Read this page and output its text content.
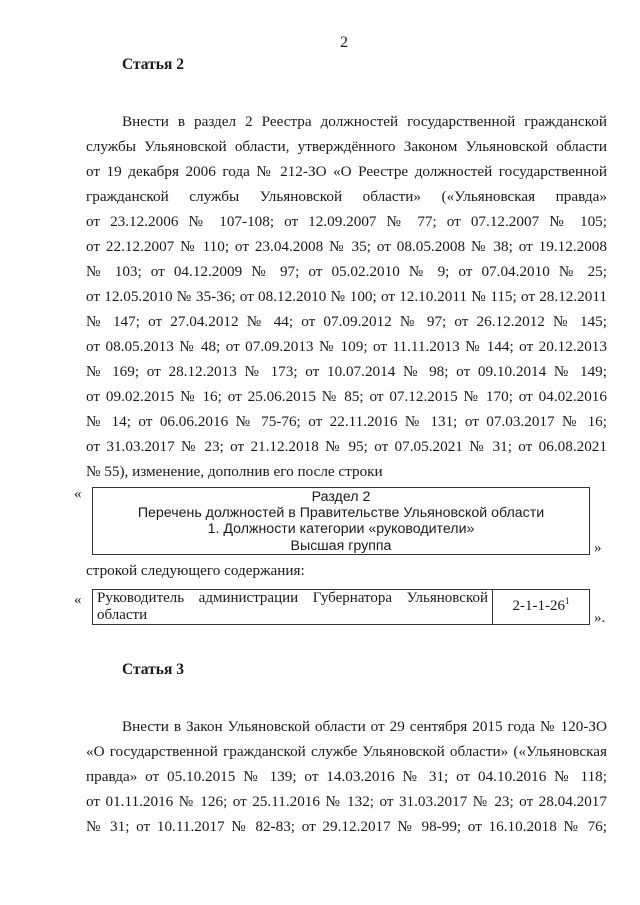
2
Статья 2
Внести в раздел 2 Реестра должностей государственной гражданской
службы Ульяновской области, утверждённого Законом Ульяновской области
от 19 декабря 2006 года № 212-ЗО «О Реестре должностей государственной
гражданской службы Ульяновской области» («Ульяновская правда»
от 23.12.2006 № 107-108; от 12.09.2007 № 77; от 07.12.2007 № 105;
от 22.12.2007 № 110; от 23.04.2008 № 35; от 08.05.2008 № 38; от 19.12.2008
№ 103; от 04.12.2009 № 97; от 05.02.2010 № 9; от 07.04.2010 № 25;
от 12.05.2010 № 35-36; от 08.12.2010 № 100; от 12.10.2011 № 115; от 28.12.2011
№ 147; от 27.04.2012 № 44; от 07.09.2012 № 97; от 26.12.2012 № 145;
от 08.05.2013 № 48; от 07.09.2013 № 109; от 11.11.2013 № 144; от 20.12.2013
№ 169; от 28.12.2013 № 173; от 10.07.2014 № 98; от 09.10.2014 № 149;
от 09.02.2015 № 16; от 25.06.2015 № 85; от 07.12.2015 № 170; от 04.02.2016
№ 14; от 06.06.2016 № 75-76; от 22.11.2016 № 131; от 07.03.2017 № 16;
от 31.03.2017 № 23; от 21.12.2018 № 95; от 07.05.2021 № 31; от 06.08.2021
№ 55), изменение, дополнив его после строки
«	Раздел 2
Перечень должностей в Правительстве Ульяновской области
1. Должности категории «руководители»
Высшая группа	»
строкой следующего содержания:
« Руководитель администрации Губернатора Ульяновской
области
$2-1-1-26^1$
».
Статья 3
Внести в Закон Ульяновской области от 29 сентября 2015 года № 120-ЗО
«О государственной гражданской службе Ульяновской области» («Ульяновская
правда» от 05.10.2015 № 139; от 14.03.2016 № 31; от 04.10.2016 № 118;
от 01.11.2016 № 126; от 25.11.2016 № 132; от 31.03.2017 № 23; от 28.04.2017
№ 31; от 10.11.2017 № 82-83; от 29.12.2017 № 98-99; от 16.10.2018 № 76;
